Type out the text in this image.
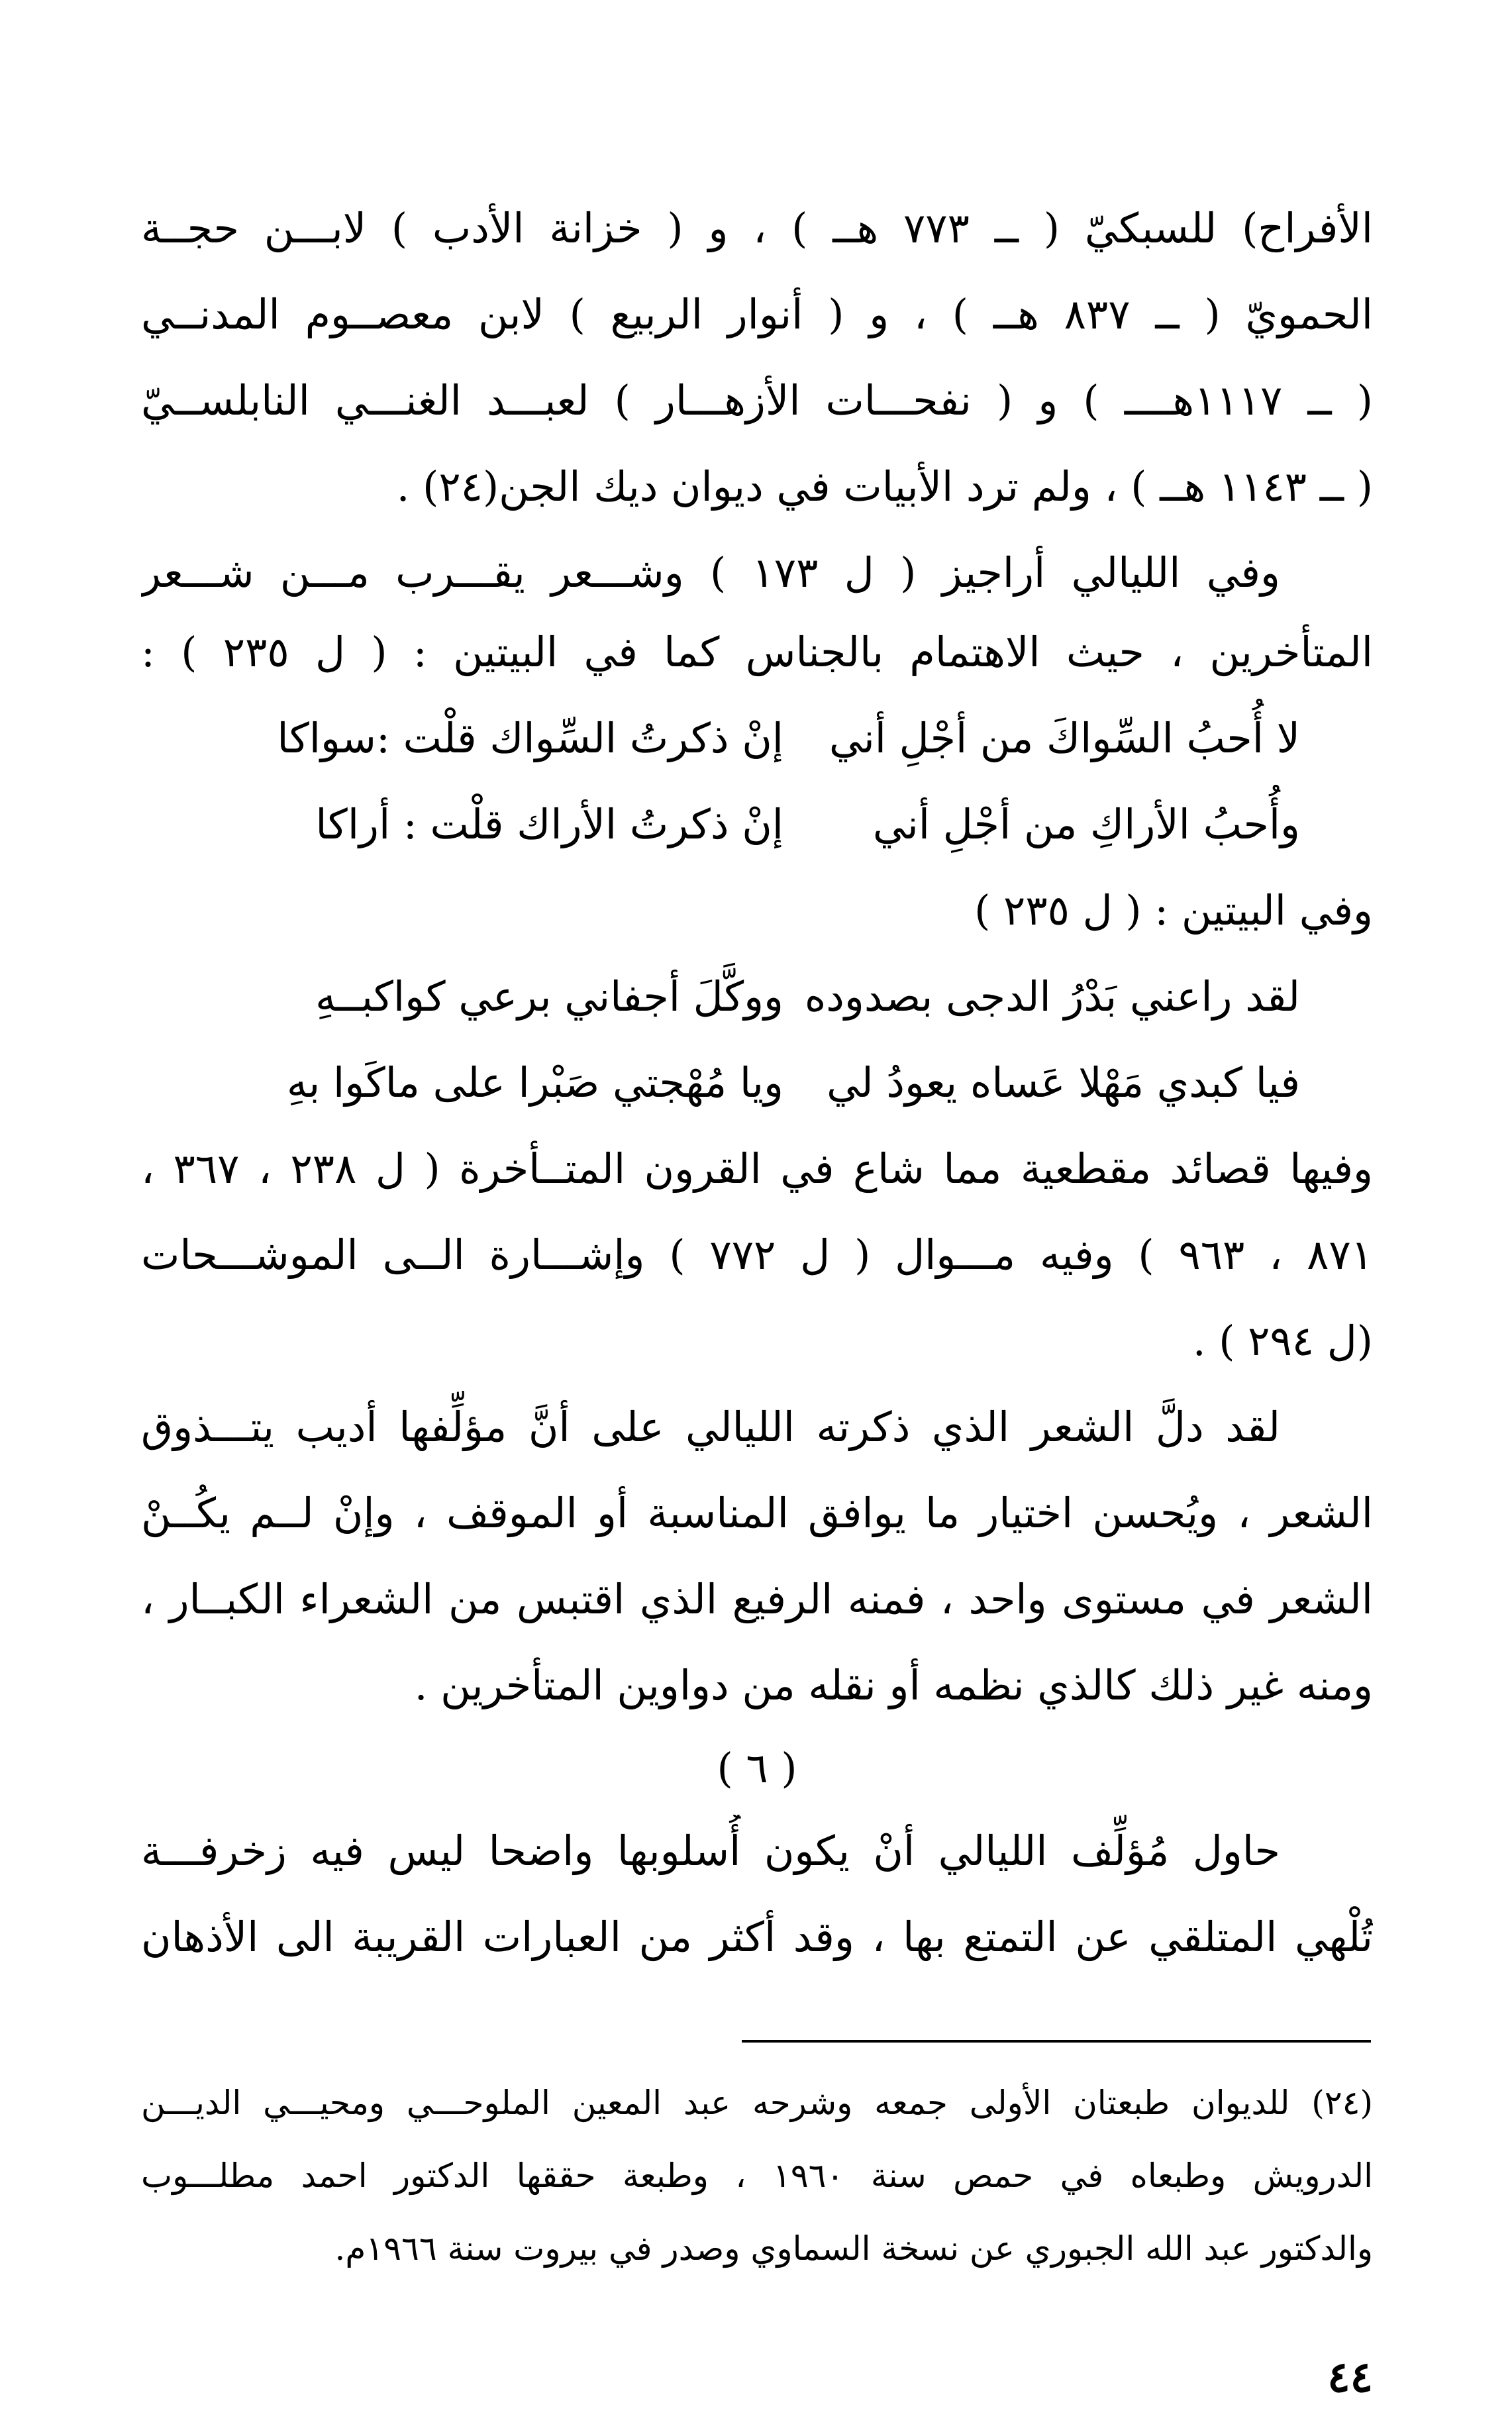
الأفراح) للسبكيّ ( ــ ٧٧٣ هــ ) ، و ( خزانة الأدب ) لابـــن حجــة
الحمويّ ( ــ ٨٣٧ هــ ) ، و ( أنوار الربيع ) لابن معصــوم المدنــي
( ــ ١١١٧هــــ ) و ( نفحـــات الأزهـــار ) لعبـــد الغنـــي النابلســيّ
( ــ ١١٤٣ هــ ) ، ولم ترد الأبيات في ديوان ديك الجن(٢٤) .
وفي الليالي أراجيز ( ل ١٧٣ ) وشـــعر يقـــرب مـــن شـــعر
المتأخرين ، حيث الاهتمام بالجناس كما في البيتين : ( ل ٢٣٥ ) :
لا أُحبُ السِّواكَ من أجْلِ أني
إنْ ذكرتُ السِّواك قلْت :سواكا
وأُحبُ الأراكِ من أجْلِ أني
إنْ ذكرتُ الأراك قلْت : أراكا
وفي البيتين : ( ل ٢٣٥ )
لقد راعني بَدْرُ الدجى بصدوده
ووكَّلَ أجفاني برعي كواكبــهِ
فيا كبدي مَهْلا عَساه يعودُ لي
ويا مُهْجتي صَبْرا على ماكَوا بهِ
وفيها قصائد مقطعية مما شاع في القرون المتــأخرة ( ل ٢٣٨ ، ٣٦٧ ،
٨٧١ ، ٩٦٣ ) وفيه مـــوال ( ل ٧٧٢ ) وإشـــارة الــى الموشـــحات
(ل ٢٩٤ ) .
لقد دلَّ الشعر الذي ذكرته الليالي على أنَّ مؤلِّفها أديب يتـــذوق
الشعر ، ويُحسن اختيار ما يوافق المناسبة أو الموقف ، وإنْ لــم يكُــنْ
الشعر في مستوى واحد ، فمنه الرفيع الذي اقتبس من الشعراء الكبــار ،
ومنه غير ذلك كالذي نظمه أو نقله من دواوين المتأخرين .
( ٦ )
حاول مُؤلِّف الليالي أنْ يكون أُسلوبها واضحا ليس فيه زخرفـــة
تُلْهي المتلقي عن التمتع بها ، وقد أكثر من العبارات القريبة الى الأذهان
(٢٤) للديوان طبعتان الأولى جمعه وشرحه عبد المعين الملوحـــي ومحيـــي الديـــن
الدرويش وطبعاه في حمص سنة ١٩٦٠ ، وطبعة حققها الدكتور احمد مطلـــوب
والدكتور عبد الله الجبوري عن نسخة السماوي وصدر في بيروت سنة ١٩٦٦م.
٤٤
